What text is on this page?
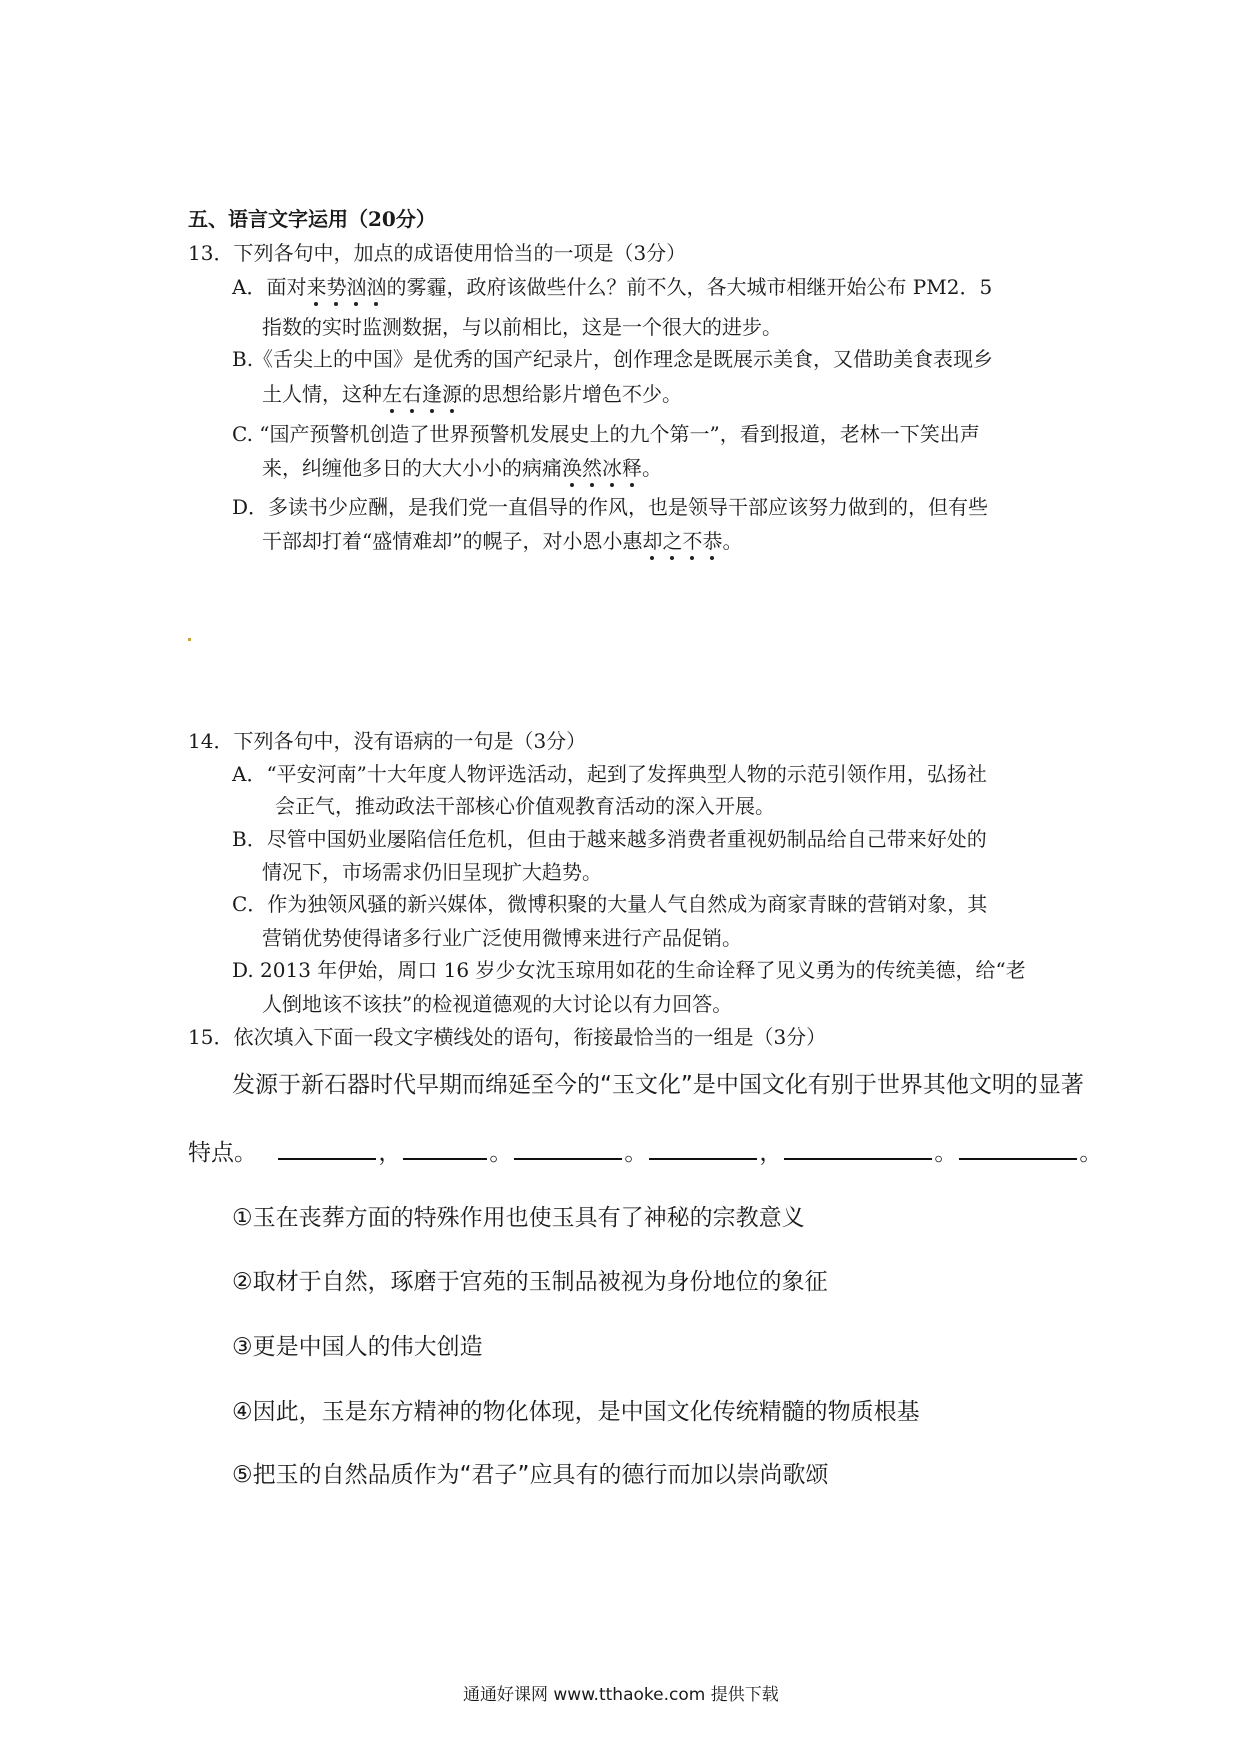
五、语言文字运用（20分）
13．下列各句中，加点的成语使用恰当的一项是（3分）
A．面对来势汹汹的雾霾，政府该做些什么？前不久，各大城市相继开始公布 PM2．5
指数的实时监测数据，与以前相比，这是一个很大的进步。
B.《舌尖上的中国》是优秀的国产纪录片，创作理念是既展示美食，又借助美食表现乡
土人情，这种左右逢源的思想给影片增色不少。
C. “国产预警机创造了世界预警机发展史上的九个第一”，看到报道，老林一下笑出声
来，纠缠他多日的大大小小的病痛涣然冰释。
D．多读书少应酬，是我们党一直倡导的作风，也是领导干部应该努力做到的，但有些
干部却打着“盛情难却”的幌子，对小恩小惠却之不恭。
14．下列各句中，没有语病的一句是（3分）
A．“平安河南”十大年度人物评选活动，起到了发挥典型人物的示范引领作用，弘扬社
会正气，推动政法干部核心价值观教育活动的深入开展。
B．尽管中国奶业屡陷信任危机，但由于越来越多消费者重视奶制品给自己带来好处的
情况下，市场需求仍旧呈现扩大趋势。
C．作为独领风骚的新兴媒体，微博积聚的大量人气自然成为商家青睐的营销对象，其
营销优势使得诸多行业广泛使用微博来进行产品促销。
D. 2013 年伊始，周口 16 岁少女沈玉琼用如花的生命诠释了见义勇为的传统美德，给“老
人倒地该不该扶”的检视道德观的大讨论以有力回答。
15．依次填入下面一段文字横线处的语句，衔接最恰当的一组是（3分）
发源于新石器时代早期而绵延至今的“玉文化”是中国文化有别于世界其他文明的显著
特点。	，	。	。	，	。	。
①玉在丧葬方面的特殊作用也使玉具有了神秘的宗教意义
②取材于自然，琢磨于宫苑的玉制品被视为身份地位的象征
③更是中国人的伟大创造
④因此，玉是东方精神的物化体现，是中国文化传统精髓的物质根基
⑤把玉的自然品质作为“君子”应具有的德行而加以崇尚歌颂
通通好课网 www.tthaoke.com 提供下载
